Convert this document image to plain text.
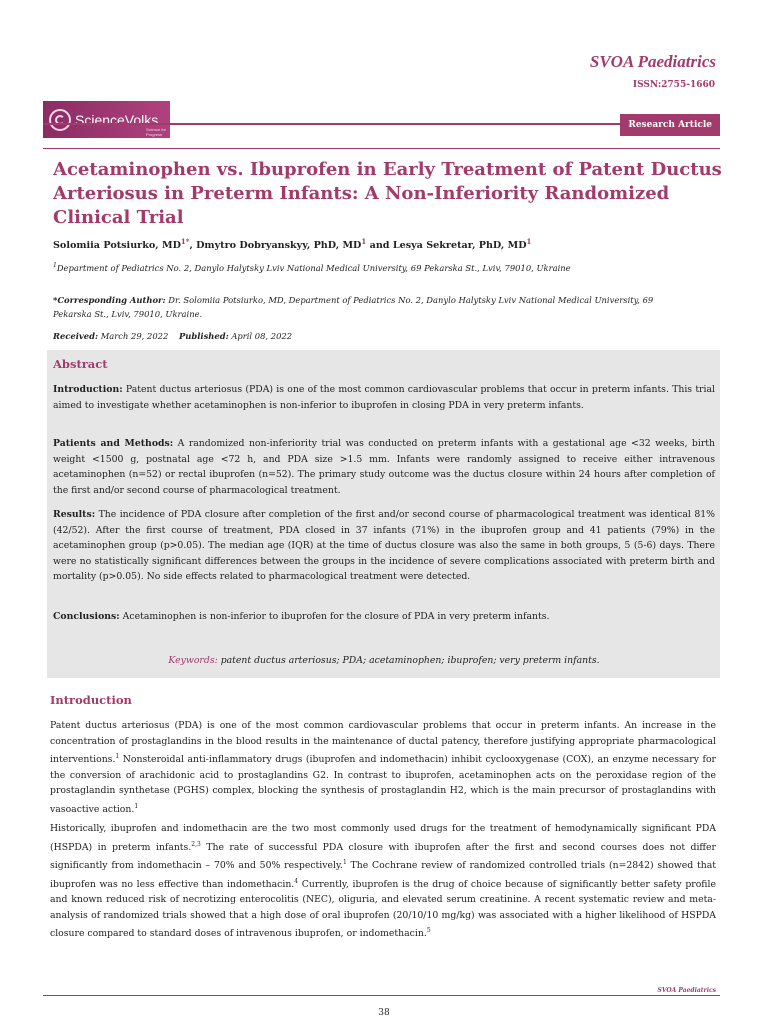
SVOA Paediatrics
ISSN:2755-1660
ScienceVolks
Science for Progress
Research Article
Acetaminophen vs. Ibuprofen in Early Treatment of Patent Ductus Arteriosus in Preterm Infants: A Non-Inferiority Randomized Clinical Trial
Solomiia Potsiurko, $MD^{1*}$, Dmytro Dobryanskyy, PhD, $MD^1$ and Lesya Sekretar, PhD, $MD^1$
$^1$Department of Pediatrics No. 2, Danylo Halytsky Lviv National Medical University, 69 Pekarska St., Lviv, 79010, Ukraine
*Corresponding Author: Dr. Solomiia Potsiurko, MD, Department of Pediatrics No. 2, Danylo Halytsky Lviv National Medical University, 69 Pekarska St., Lviv, 79010, Ukraine.
Received: March 29, 2022 Published: April 08, 2022
Abstract
Introduction: Patent ductus arteriosus (PDA) is one of the most common cardiovascular problems that occur in preterm infants. This trial aimed to investigate whether acetaminophen is non-inferior to ibuprofen in closing PDA in very preterm infants.
Patients and Methods: A randomized non-inferiority trial was conducted on preterm infants with a gestational age <32 weeks, birth weight <1500 g, postnatal age <72 h, and PDA size >1.5 mm. Infants were randomly assigned to receive either intravenous acetaminophen (n=52) or rectal ibuprofen (n=52). The primary study outcome was the ductus closure within 24 hours after completion of the first and/or second course of pharmacological treatment.
Results: The incidence of PDA closure after completion of the first and/or second course of pharmacological treatment was identical 81% (42/52). After the first course of treatment, PDA closed in 37 infants (71%) in the ibuprofen group and 41 patients (79%) in the acetaminophen group (p>0.05). The median age (IQR) at the time of ductus closure was also the same in both groups, 5 (5-6) days. There were no statistically significant differences between the groups in the incidence of severe complications associated with preterm birth and mortality (p>0.05). No side effects related to pharmacological treatment were detected.
Conclusions: Acetaminophen is non-inferior to ibuprofen for the closure of PDA in very preterm infants.
Keywords: patent ductus arteriosus; PDA; acetaminophen; ibuprofen; very preterm infants.
Introduction
Patent ductus arteriosus (PDA) is one of the most common cardiovascular problems that occur in preterm infants. An increase in the concentration of prostaglandins in the blood results in the maintenance of ductal patency, therefore justifying appropriate pharmacological interventions.$^1$ Nonsteroidal anti-inflammatory drugs (ibuprofen and indomethacin) inhibit cyclooxygenase (COX), an enzyme necessary for the conversion of arachidonic acid to prostaglandins G2. In contrast to ibuprofen, acetaminophen acts on the peroxidase region of the prostaglandin synthetase (PGHS) complex, blocking the synthesis of prostaglandin H2, which is the main precursor of prostaglandins with vasoactive action.$^1$
Historically, ibuprofen and indomethacin are the two most commonly used drugs for the treatment of hemodynamically significant PDA (HSPDA) in preterm infants.$^{2,3}$ The rate of successful PDA closure with ibuprofen after the first and second courses does not differ significantly from indomethacin – 70% and 50% respectively.$^1$ The Cochrane review of randomized controlled trials (n=2842) showed that ibuprofen was no less effective than indomethacin.$^4$ Currently, ibuprofen is the drug of choice because of significantly better safety profile and known reduced risk of necrotizing enterocolitis (NEC), oliguria, and elevated serum creatinine. A recent systematic review and meta-analysis of randomized trials showed that a high dose of oral ibuprofen (20/10/10 mg/kg) was associated with a higher likelihood of HSPDA closure compared to standard doses of intravenous ibuprofen, or indomethacin.$^5$
SVOA Paediatrics
38
